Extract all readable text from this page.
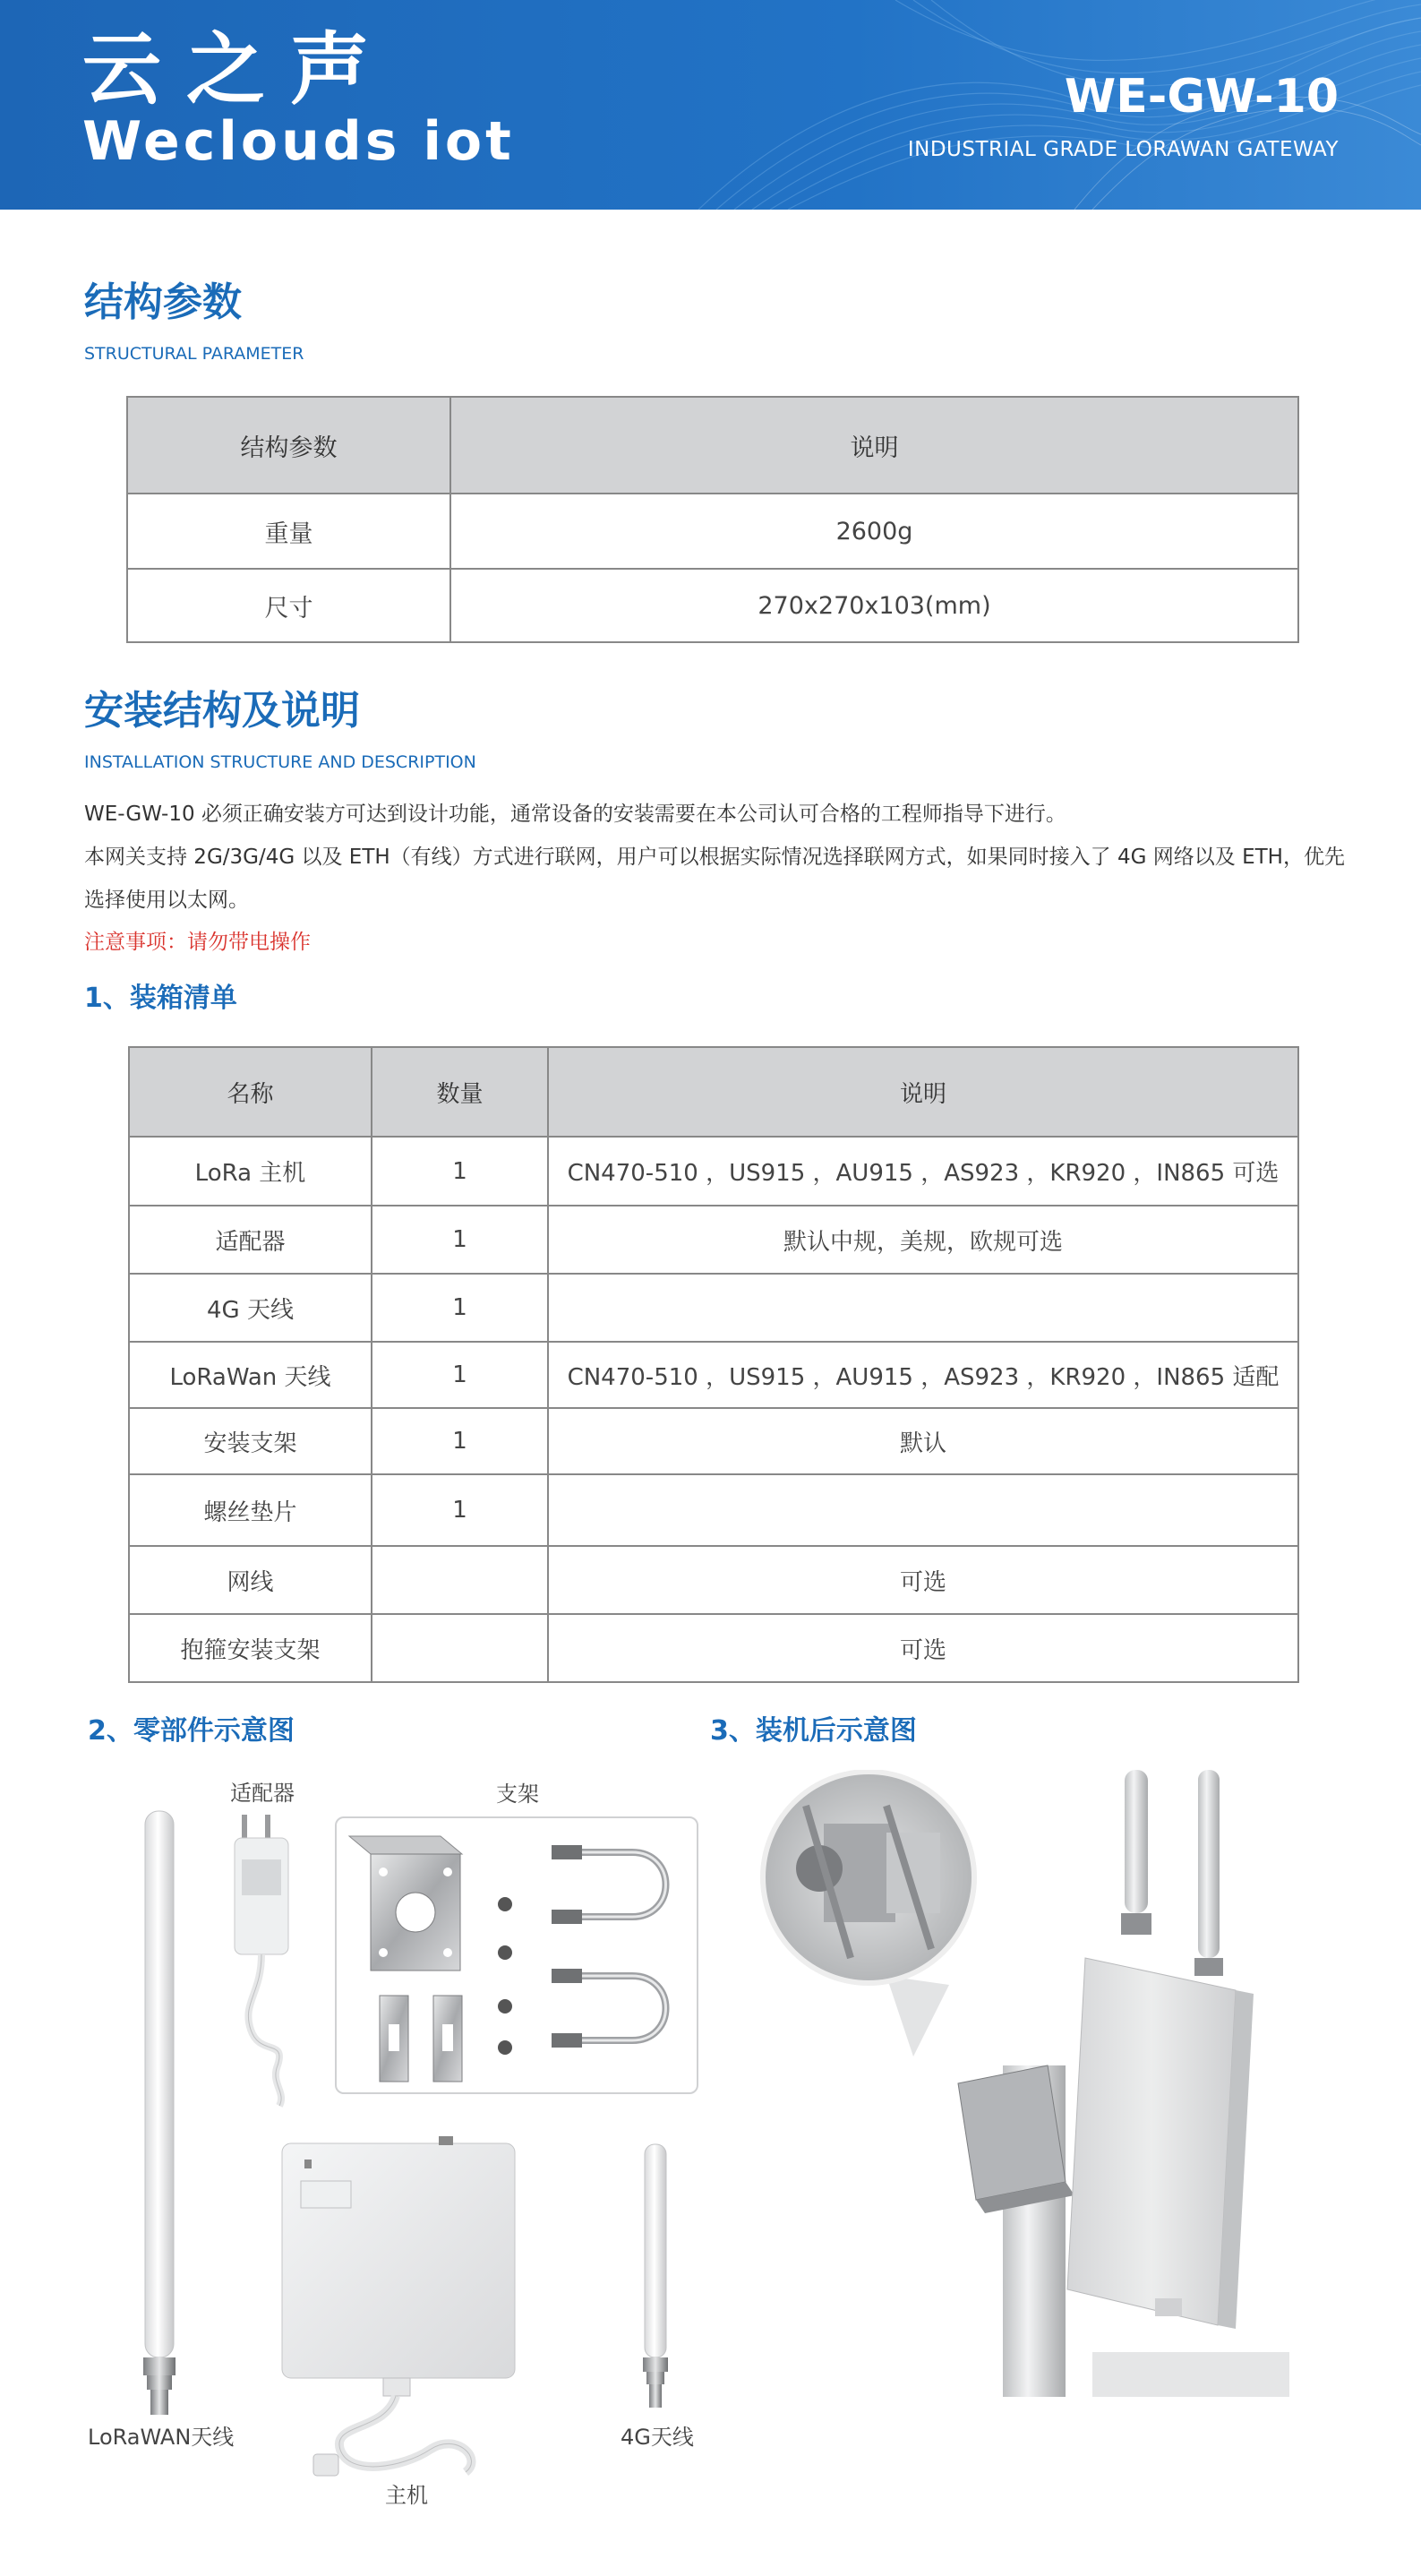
云之声
Weclouds iot
WE-GW-10
INDUSTRIAL GRADE LORAWAN GATEWAY
结构参数
STRUCTURAL PARAMETER
结构参数	说明
重量	2600g
尺寸	270x270x103(mm)
安装结构及说明
INSTALLATION STRUCTURE AND DESCRIPTION
WE-GW-10 必须正确安装方可达到设计功能，通常设备的安装需要在本公司认可合格的工程师指导下进行。
本网关支持 2G/3G/4G 以及 ETH（有线）方式进行联网，用户可以根据实际情况选择联网方式，如果同时接入了 4G 网络以及 ETH，优先选择使用以太网。
注意事项：请勿带电操作
1、装箱清单
名称	数量	说明
LoRa 主机	1	CN470-510 ，US915 ，AU915 ，AS923 ，KR920 ，IN865 可选
适配器	1	默认中规，美规，欧规可选
4G 天线	1	
LoRaWan 天线	1	CN470-510 ，US915 ，AU915 ，AS923 ，KR920 ，IN865 适配
安装支架	1	默认
螺丝垫片	1	
网线		可选
抱箍安装支架		可选
2、零部件示意图	3、装机后示意图
LoRaWAN天线
适配器	支架
主机
4G天线
